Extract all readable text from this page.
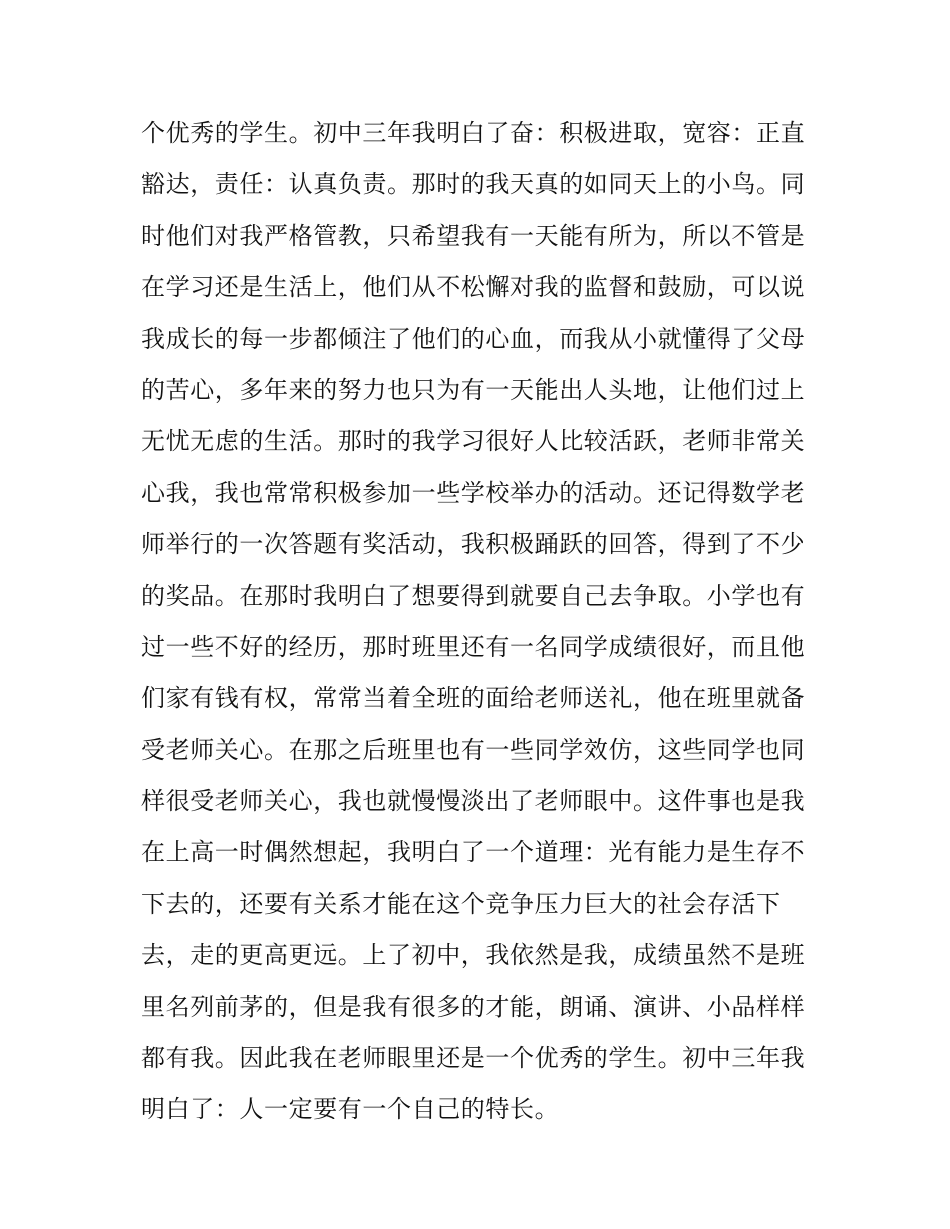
个优秀的学生。初中三年我明白了奋：积极进取，宽容：正直
豁达，责任：认真负责。那时的我天真的如同天上的小鸟。同
时他们对我严格管教，只希望我有一天能有所为，所以不管是
在学习还是生活上，他们从不松懈对我的监督和鼓励，可以说
我成长的每一步都倾注了他们的心血，而我从小就懂得了父母
的苦心，多年来的努力也只为有一天能出人头地，让他们过上
无忧无虑的生活。那时的我学习很好人比较活跃，老师非常关
心我，我也常常积极参加一些学校举办的活动。还记得数学老
师举行的一次答题有奖活动，我积极踊跃的回答，得到了不少
的奖品。在那时我明白了想要得到就要自己去争取。小学也有
过一些不好的经历，那时班里还有一名同学成绩很好，而且他
们家有钱有权，常常当着全班的面给老师送礼，他在班里就备
受老师关心。在那之后班里也有一些同学效仿，这些同学也同
样很受老师关心，我也就慢慢淡出了老师眼中。这件事也是我
在上高一时偶然想起，我明白了一个道理：光有能力是生存不
下去的，还要有关系才能在这个竞争压力巨大的社会存活下
去，走的更高更远。上了初中，我依然是我，成绩虽然不是班
里名列前茅的，但是我有很多的才能，朗诵、演讲、小品样样
都有我。因此我在老师眼里还是一个优秀的学生。初中三年我
明白了：人一定要有一个自己的特长。
